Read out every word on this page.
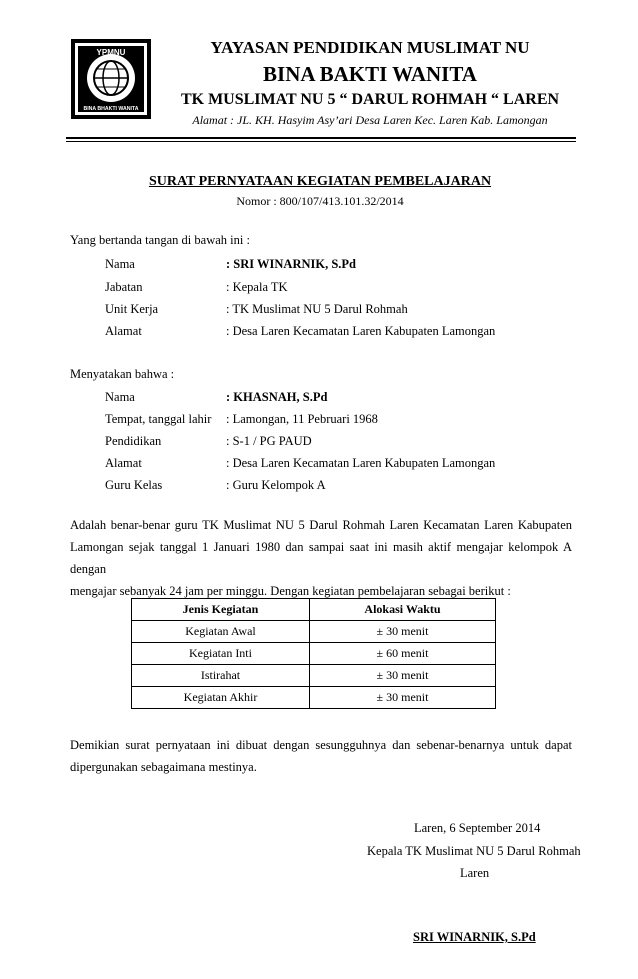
YPMNU
BINA BHAKTI WANITA
YAYASAN PENDIDIKAN MUSLIMAT NU
BINA BAKTI WANITA
TK MUSLIMAT NU 5 “ DARUL ROHMAH “ LAREN
Alamat : JL. KH. Hasyim Asy’ari Desa Laren Kec. Laren Kab. Lamongan
SURAT PERNYATAAN KEGIATAN PEMBELAJARAN
Nomor : 800/107/413.101.32/2014
Yang bertanda tangan di bawah ini :
Nama	: SRI WINARNIK, S.Pd
Jabatan	: Kepala TK
Unit Kerja	: TK Muslimat NU 5 Darul Rohmah
Alamat	: Desa Laren Kecamatan Laren Kabupaten Lamongan
Menyatakan bahwa :
Nama	: KHASNAH, S.Pd
Tempat, tanggal lahir : Lamongan, 11 Pebruari 1968
Pendidikan	: S-1 / PG PAUD
Alamat	: Desa Laren Kecamatan Laren Kabupaten Lamongan
Guru Kelas	: Guru Kelompok A
Adalah benar-benar guru TK Muslimat NU 5 Darul Rohmah Laren Kecamatan Laren Kabupaten
Lamongan sejak tanggal 1 Januari 1980 dan sampai saat ini masih aktif mengajar kelompok A dengan
mengajar sebanyak 24 jam per minggu. Dengan kegiatan pembelajaran sebagai berikut :
Jenis Kegiatan	Alokasi Waktu
Kegiatan Awal	± 30 menit
Kegiatan Inti	± 60 menit
Istirahat	± 30 menit
Kegiatan Akhir	± 30 menit
Demikian surat pernyataan ini dibuat dengan sesungguhnya dan sebenar-benarnya untuk dapat
dipergunakan sebagaimana mestinya.
Laren, 6 September 2014
Kepala TK Muslimat NU 5 Darul Rohmah
Laren
SRI WINARNIK, S.Pd
